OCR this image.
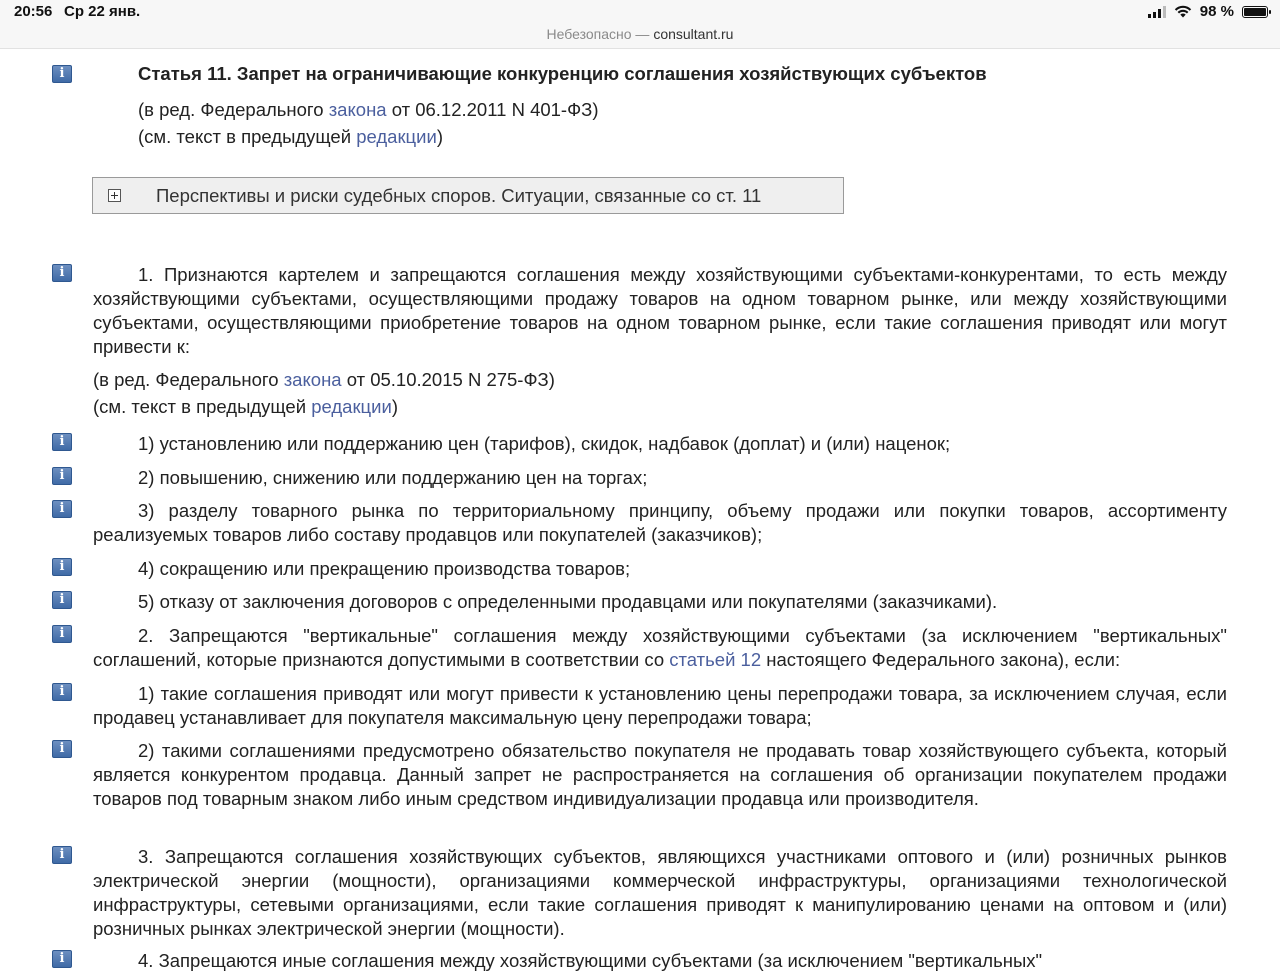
20:56 Ср 22 янв.	98 %
Небезопасно — consultant.ru
i	Статья 11. Запрет на ограничивающие конкуренцию соглашения хозяйствующих субъектов

(в ред. Федерального закона от 06.12.2011 N 401-ФЗ)

(см. текст в предыдущей редакции)

Перспективы и риски судебных споров. Ситуации, связанные со ст. 11
i	1. Признаются картелем и запрещаются соглашения между хозяйствующими субъектами-конкурентами, то есть между хозяйствующими субъектами, осуществляющими продажу товаров на одном товарном рынке, или между хозяйствующими субъектами, осуществляющими приобретение товаров на одном товарном рынке, если такие соглашения приводят или могут привести к:

(в ред. Федерального закона от 05.10.2015 N 275-ФЗ)

(см. текст в предыдущей редакции)

i	1) установлению или поддержанию цен (тарифов), скидок, надбавок (доплат) и (или) наценок;

i	2) повышению, снижению или поддержанию цен на торгах;

i	3) разделу товарного рынка по территориальному принципу, объему продажи или покупки товаров, ассортименту реализуемых товаров либо составу продавцов или покупателей (заказчиков);

i	4) сокращению или прекращению производства товаров;

i	5) отказу от заключения договоров с определенными продавцами или покупателями (заказчиками).

i	2. Запрещаются "вертикальные" соглашения между хозяйствующими субъектами (за исключением "вертикальных" соглашений, которые признаются допустимыми в соответствии со статьей 12 настоящего Федерального закона), если:

i	1) такие соглашения приводят или могут привести к установлению цены перепродажи товара, за исключением случая, если продавец устанавливает для покупателя максимальную цену перепродажи товара;

i	2) такими соглашениями предусмотрено обязательство покупателя не продавать товар хозяйствующего субъекта, который является конкурентом продавца. Данный запрет не распространяется на соглашения об организации покупателем продажи товаров под товарным знаком либо иным средством индивидуализации продавца или производителя.

i	3. Запрещаются соглашения хозяйствующих субъектов, являющихся участниками оптового и (или) розничных рынков электрической энергии (мощности), организациями коммерческой инфраструктуры, организациями технологической инфраструктуры, сетевыми организациями, если такие соглашения приводят к манипулированию ценами на оптовом и (или) розничных рынках электрической энергии (мощности).

i	4. Запрещаются иные соглашения между хозяйствующими субъектами (за исключением "вертикальных"
